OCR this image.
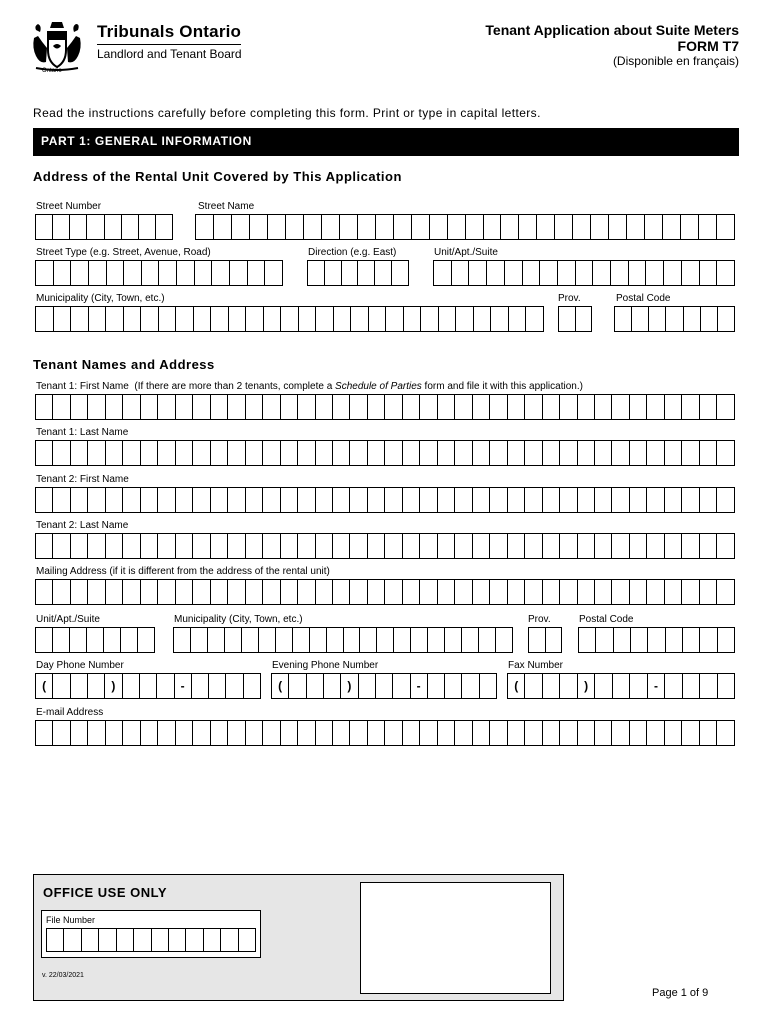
Ontario
Tribunals Ontario
Landlord and Tenant Board
Tenant Application about Suite Meters
FORM T7
(Disponible en français)
Read the instructions carefully before completing this form. Print or type in capital letters.
PART 1: GENERAL INFORMATION
Address of the Rental Unit Covered by This Application
Street Number	Street Name
Street Type (e.g. Street, Avenue, Road)	Direction (e.g. East)	Unit/Apt./Suite
Municipality (City, Town, etc.)	Prov.	Postal Code
Tenant Names and Address
Tenant 1: First Name  (If there are more than 2 tenants, complete a Schedule of Parties form and file it with this application.)
Tenant 1: Last Name
Tenant 2: First Name
Tenant 2: Last Name
Mailing Address (if it is different from the address of the rental unit)
Unit/Apt./Suite	Municipality (City, Town, etc.)	Prov.	Postal Code
Day Phone Number	Evening Phone Number	Fax Number
(	)	-	(	)	-	(	)	-
E-mail Address
OFFICE USE ONLY
File Number
v. 22/03/2021
Page 1 of 9
